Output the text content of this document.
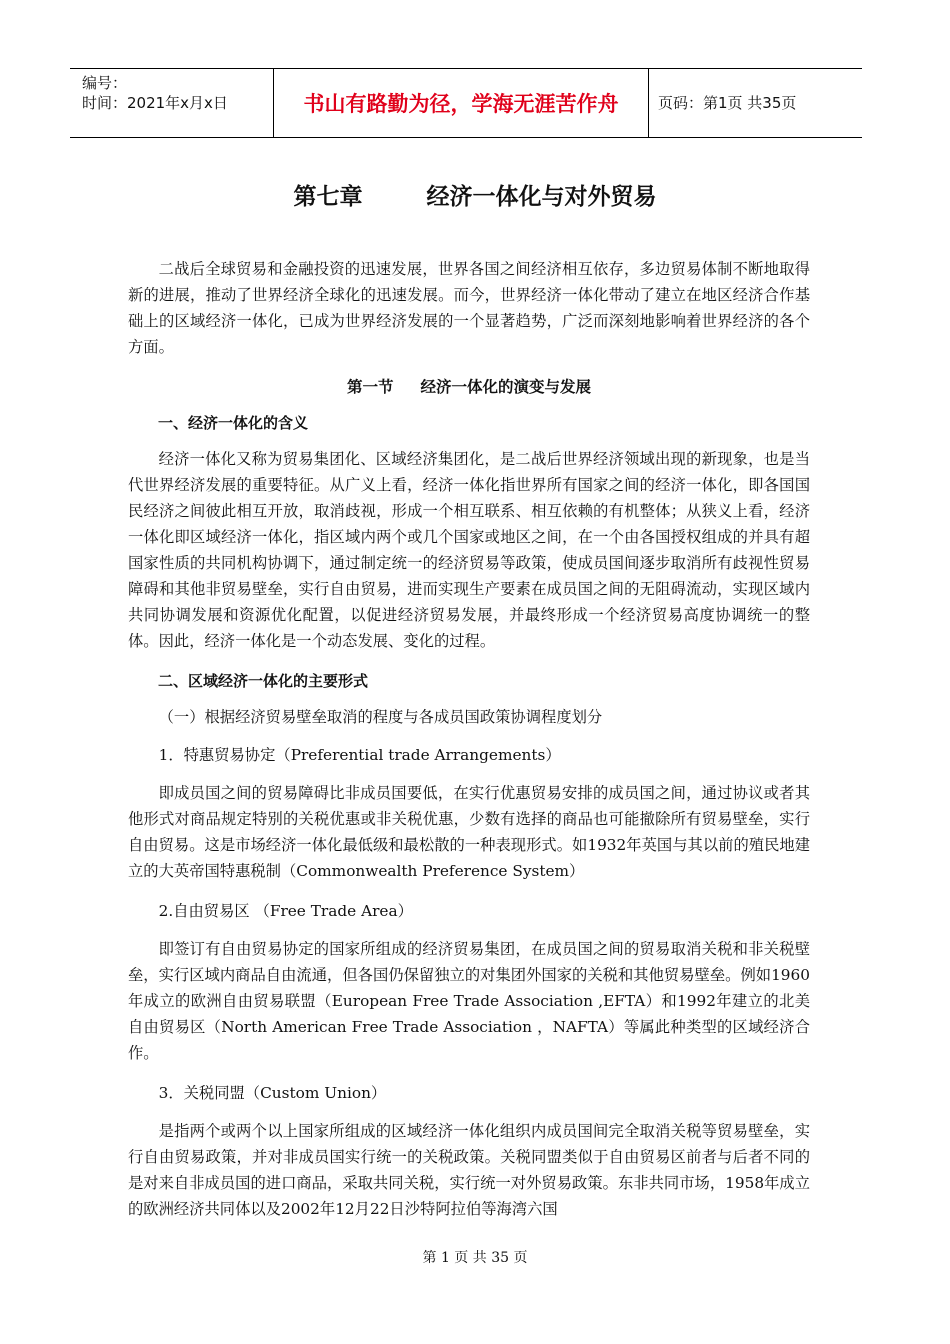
编号：
时间：2021年x月x日	书山有路勤为径，学海无涯苦作舟	页码：第1页 共35页
第七章        经济一体化与对外贸易

二战后全球贸易和金融投资的迅速发展，世界各国之间经济相互依存，多边贸易体制不断地取得新的进展，推动了世界经济全球化的迅速发展。而今，世界经济一体化带动了建立在地区经济合作基础上的区域经济一体化，已成为世界经济发展的一个显著趋势，广泛而深刻地影响着世界经济的各个方面。

第一节     经济一体化的演变与发展

一、经济一体化的含义

经济一体化又称为贸易集团化、区域经济集团化，是二战后世界经济领域出现的新现象，也是当代世界经济发展的重要特征。从广义上看，经济一体化指世界所有国家之间的经济一体化，即各国国民经济之间彼此相互开放，取消歧视，形成一个相互联系、相互依赖的有机整体；从狭义上看，经济一体化即区域经济一体化，指区域内两个或几个国家或地区之间，在一个由各国授权组成的并具有超国家性质的共同机构协调下，通过制定统一的经济贸易等政策，使成员国间逐步取消所有歧视性贸易障碍和其他非贸易壁垒，实行自由贸易，进而实现生产要素在成员国之间的无阻碍流动，实现区域内共同协调发展和资源优化配置，以促进经济贸易发展，并最终形成一个经济贸易高度协调统一的整体。因此，经济一体化是一个动态发展、变化的过程。

二、区域经济一体化的主要形式

（一）根据经济贸易壁垒取消的程度与各成员国政策协调程度划分

1．特惠贸易协定（Preferential trade Arrangements）

即成员国之间的贸易障碍比非成员国要低，在实行优惠贸易安排的成员国之间，通过协议或者其他形式对商品规定特别的关税优惠或非关税优惠，少数有选择的商品也可能撤除所有贸易壁垒，实行自由贸易。这是市场经济一体化最低级和最松散的一种表现形式。如1932年英国与其以前的殖民地建立的大英帝国特惠税制（Commonwealth Preference System）

2.自由贸易区 （Free Trade Area）

即签订有自由贸易协定的国家所组成的经济贸易集团，在成员国之间的贸易取消关税和非关税壁垒，实行区域内商品自由流通，但各国仍保留独立的对集团外国家的关税和其他贸易壁垒。例如1960年成立的欧洲自由贸易联盟（European Free Trade Association ,EFTA）和1992年建立的北美自由贸易区（North American Free Trade Association ，NAFTA）等属此种类型的区域经济合作。

3．关税同盟（Custom Union）

是指两个或两个以上国家所组成的区域经济一体化组织内成员国间完全取消关税等贸易壁垒，实行自由贸易政策，并对非成员国实行统一的关税政策。关税同盟类似于自由贸易区前者与后者不同的是对来自非成员国的进口商品，采取共同关税，实行统一对外贸易政策。东非共同市场，1958年成立的欧洲经济共同体以及2002年12月22日沙特阿拉伯等海湾六国

第 1 页 共 35 页
